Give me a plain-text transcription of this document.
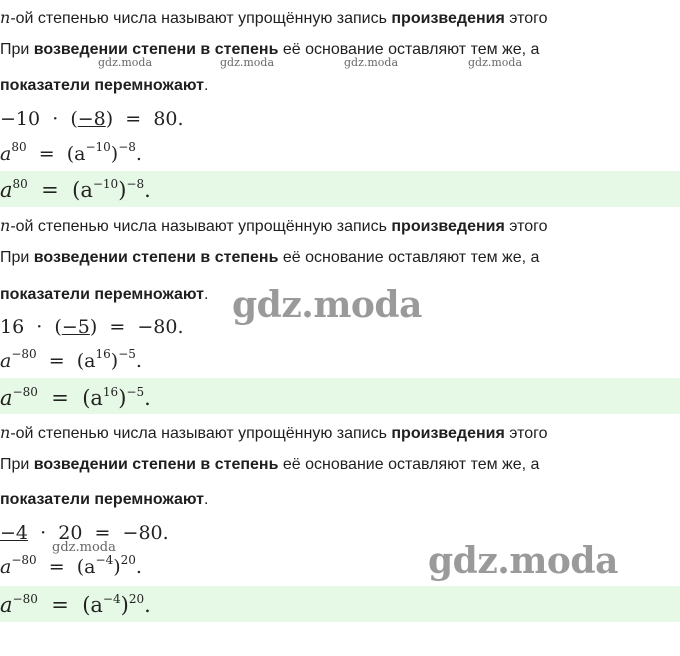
n-ой степенью числа называют упрощённую запись произведения этого
При возведении степени в степень её основание оставляют тем же, а
gdz.moda	gdz.moda	gdz.moda	gdz.moda
показатели перемножают.
−10 · (−8) = 80.
$a^{80} = (a^{-10})^{-8}$.
$a^{80} = (a^{-10})^{-8}$.
n-ой степенью числа называют упрощённую запись произведения этого
При возведении степени в степень её основание оставляют тем же, а
показатели перемножают. gdz.moda
16 · (−5) = −80.
$a^{-80} = (a^{16})^{-5}$.
$a^{-80} = (a^{16})^{-5}$.
n-ой степенью числа называют упрощённую запись произведения этого
При возведении степени в степень её основание оставляют тем же, а
показатели перемножают.
−4 · 20 = −80.
gdz.moda	gdz.moda
$a^{-80} = (a^{-4})^{20}$.
$a^{-80} = (a^{-4})^{20}$.
